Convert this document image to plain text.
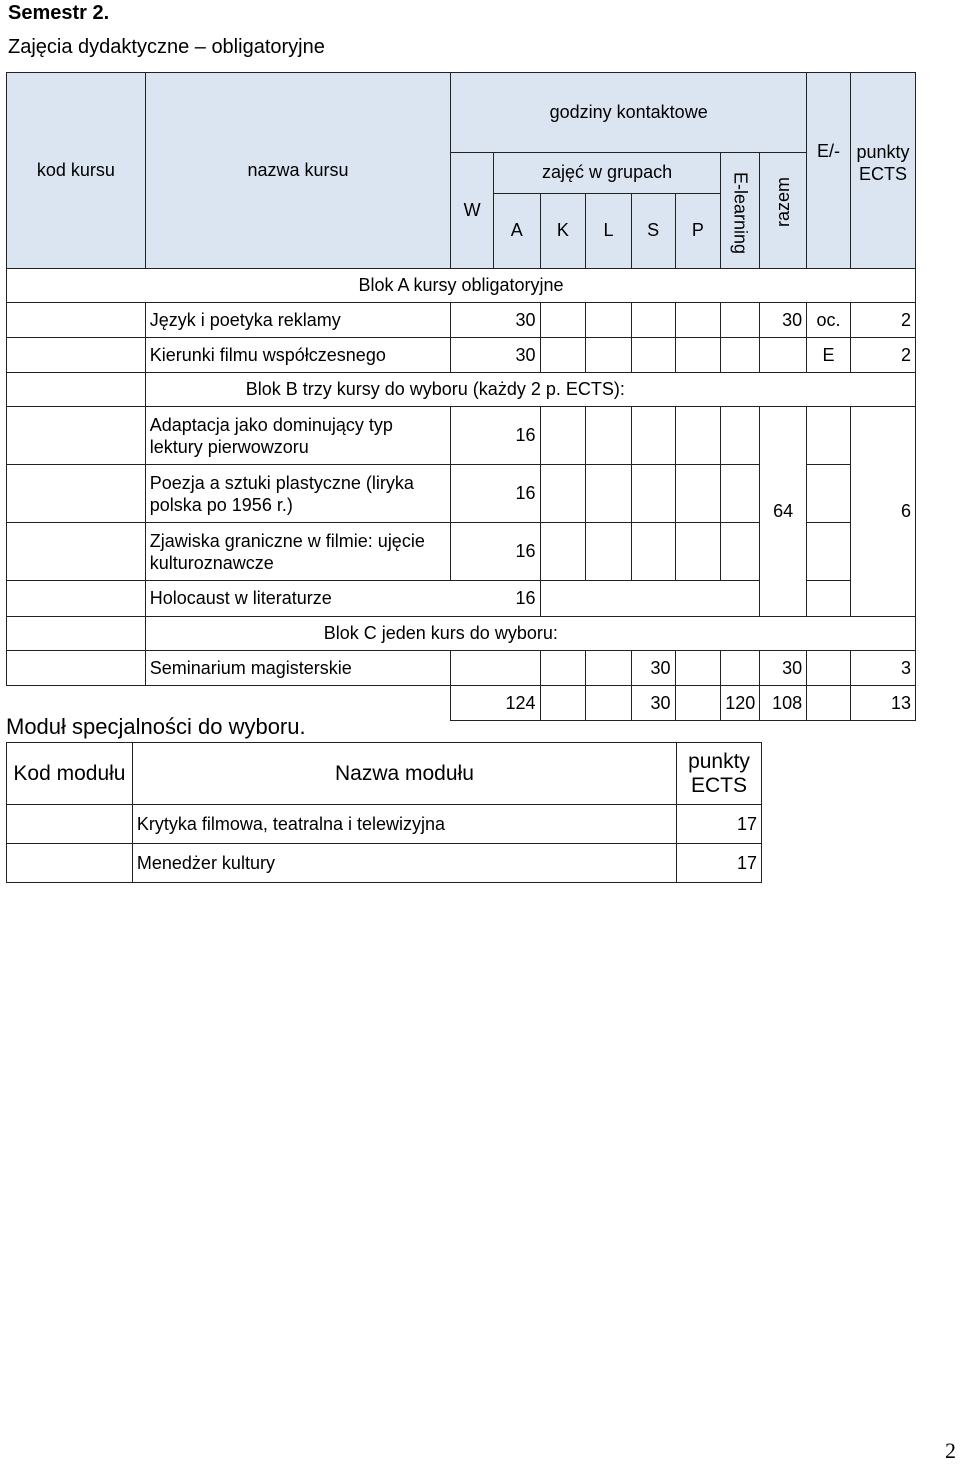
Semestr 2.
Zajęcia dydaktyczne – obligatoryjne
kod kursu	nazwa kursu	godziny kontaktowe								E/-	punkty ECTS
		W	zajęć w grupach					E-learning	razem		
			A	K	L	S	P				
Blok A kursy obligatoryjne											
	Język i poetyka reklamy	30							30	oc.	2
	Kierunki filmu współczesnego	30								E	2
	Blok B trzy kursy do wyboru (każdy 2 p. ECTS):										
	Adaptacja jako dominujący typ lektury pierwowzoru	16							64		6
	Poezja a sztuki plastyczne (liryka polska po 1956 r.)	16									
	Zjawiska graniczne w filmie: ujęcie kulturoznawcze	16									
	Holocaust w literaturze 16										

	Blok C jeden kurs do wyboru:										
	Seminarium magisterskie					30			30		3
		124				30		120	108		13
Moduł specjalności do wyboru.
Kod modułu	Nazwa modułu	punkty ECTS
	Krytyka filmowa, teatralna i telewizyjna	17
	Menedżer kultury	17
2
